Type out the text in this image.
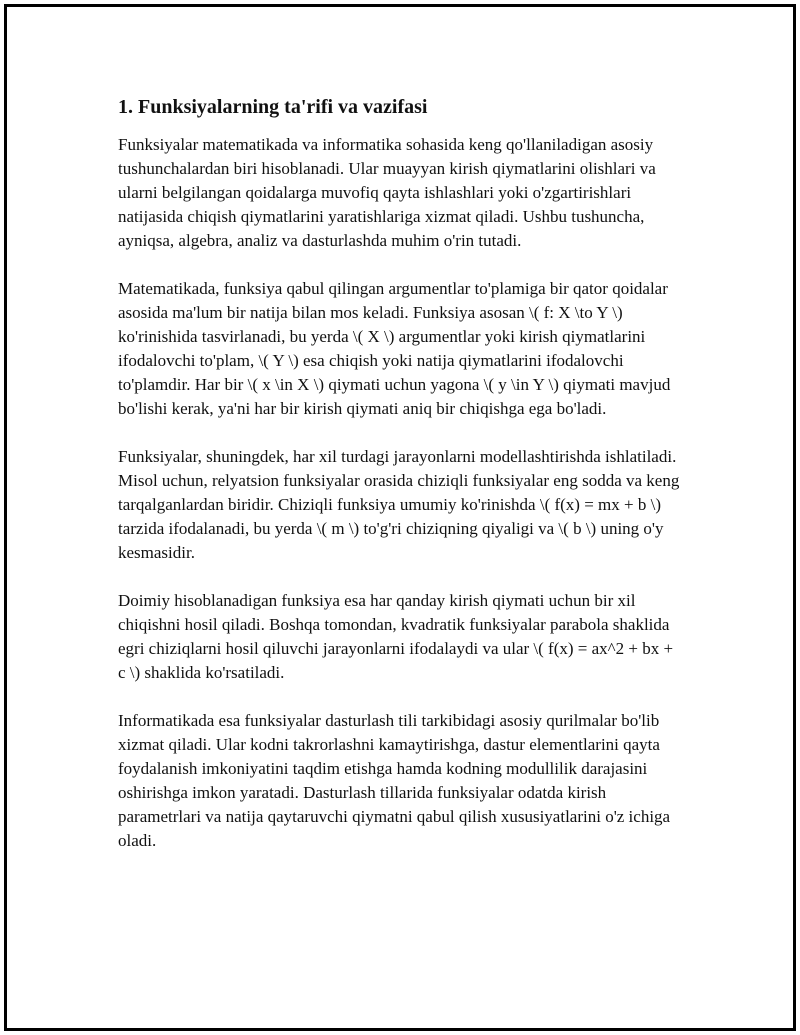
1. Funksiyalarning ta'rifi va vazifasi

Funksiyalar matematikada va informatika sohasida keng qo'llaniladigan asosiy tushunchalardan biri hisoblanadi. Ular muayyan kirish qiymatlarini olishlari va ularni belgilangan qoidalarga muvofiq qayta ishlashlari yoki o'zgartirishlari natijasida chiqish qiymatlarini yaratishlariga xizmat qiladi. Ushbu tushuncha, ayniqsa, algebra, analiz va dasturlashda muhim o'rin tutadi.

Matematikada, funksiya qabul qilingan argumentlar to'plamiga bir qator qoidalar asosida ma'lum bir natija bilan mos keladi. Funksiya asosan \( f: X \to Y \) ko'rinishida tasvirlanadi, bu yerda \( X \) argumentlar yoki kirish qiymatlarini ifodalovchi to'plam, \( Y \) esa chiqish yoki natija qiymatlarini ifodalovchi to'plamdir. Har bir \( x \in X \) qiymati uchun yagona \( y \in Y \) qiymati mavjud bo'lishi kerak, ya'ni har bir kirish qiymati aniq bir chiqishga ega bo'ladi.

Funksiyalar, shuningdek, har xil turdagi jarayonlarni modellashtirishda ishlatiladi. Misol uchun, relyatsion funksiyalar orasida chiziqli funksiyalar eng sodda va keng tarqalganlardan biridir. Chiziqli funksiya umumiy ko'rinishda \( f(x) = mx + b \) tarzida ifodalanadi, bu yerda \( m \) to'g'ri chiziqning qiyaligi va \( b \) uning o'y kesmasidir.

Doimiy hisoblanadigan funksiya esa har qanday kirish qiymati uchun bir xil chiqishni hosil qiladi. Boshqa tomondan, kvadratik funksiyalar parabola shaklida egri chiziqlarni hosil qiluvchi jarayonlarni ifodalaydi va ular \( f(x) = ax^2 + bx + c \) shaklida ko'rsatiladi.

Informatikada esa funksiyalar dasturlash tili tarkibidagi asosiy qurilmalar bo'lib xizmat qiladi. Ular kodni takrorlashni kamaytirishga, dastur elementlarini qayta foydalanish imkoniyatini taqdim etishga hamda kodning modullilik darajasini oshirishga imkon yaratadi. Dasturlash tillarida funksiyalar odatda kirish parametrlari va natija qaytaruvchi qiymatni qabul qilish xususiyatlarini o'z ichiga oladi.
